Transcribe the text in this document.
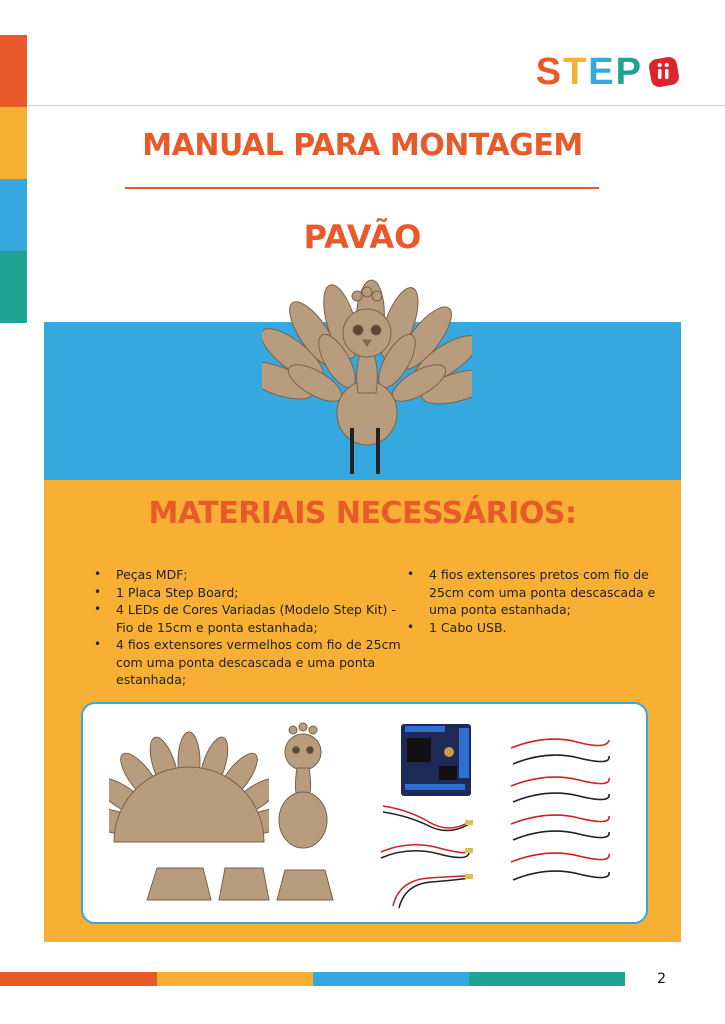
S T E P
MANUAL PARA MONTAGEM
PAVÃO
MATERIAIS NECESSÁRIOS:
• Peças MDF;
• 1 Placa Step Board;
• 4 LEDs de Cores Variadas (Modelo Step Kit) - Fio de 15cm e ponta estanhada;
• 4 fios extensores vermelhos com fio de 25cm com uma ponta descascada e uma ponta estanhada;
• 4 fios extensores pretos com fio de 25cm com uma ponta descascada e uma ponta estanhada;
• 1 Cabo USB.
2
